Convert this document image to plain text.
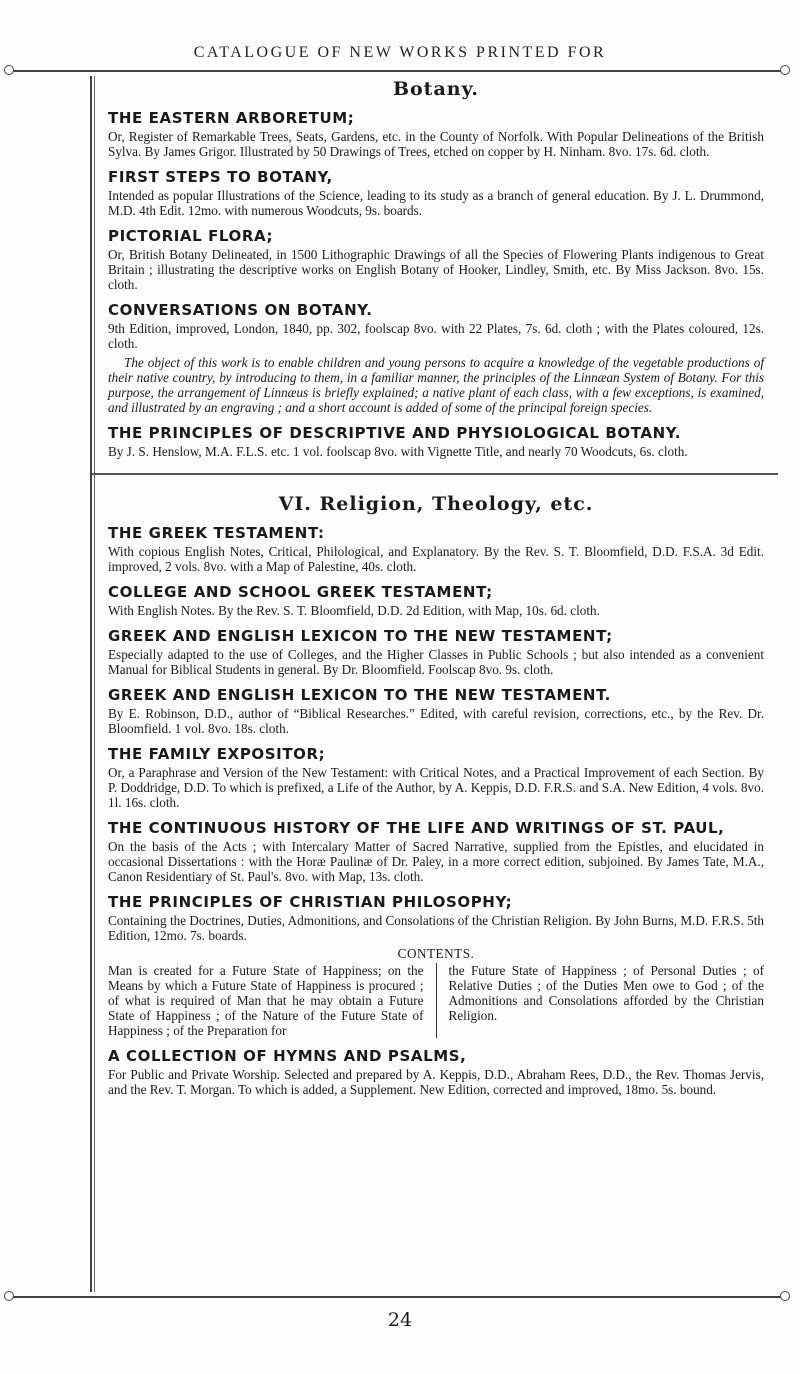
CATALOGUE OF NEW WORKS PRINTED FOR
Botany.
THE EASTERN ARBORETUM;

Or, Register of Remarkable Trees, Seats, Gardens, etc. in the County of Norfolk. With Popular Delineations of the British Sylva. By James Grigor. Illustrated by 50 Drawings of Trees, etched on copper by H. Ninham. 8vo. 17s. 6d. cloth.

FIRST STEPS TO BOTANY,

Intended as popular Illustrations of the Science, leading to its study as a branch of general education. By J. L. Drummond, M.D. 4th Edit. 12mo. with numerous Woodcuts, 9s. boards.

PICTORIAL FLORA;

Or, British Botany Delineated, in 1500 Lithographic Drawings of all the Species of Flowering Plants indigenous to Great Britain ; illustrating the descriptive works on English Botany of Hooker, Lindley, Smith, etc. By Miss Jackson. 8vo. 15s. cloth.

CONVERSATIONS ON BOTANY.

9th Edition, improved, London, 1840, pp. 302, foolscap 8vo. with 22 Plates, 7s. 6d. cloth ; with the Plates coloured, 12s. cloth.

The object of this work is to enable children and young persons to acquire a knowledge of the vegetable productions of their native country, by introducing to them, in a familiar manner, the principles of the Linnæan System of Botany. For this purpose, the arrangement of Linnæus is briefly explained; a native plant of each class, with a few exceptions, is examined, and illustrated by an engraving ; and a short account is added of some of the principal foreign species.

THE PRINCIPLES OF DESCRIPTIVE AND PHYSIOLOGICAL BOTANY.

By J. S. Henslow, M.A. F.L.S. etc. 1 vol. foolscap 8vo. with Vignette Title, and nearly 70 Woodcuts, 6s. cloth.

VI. Religion, Theology, etc.
THE GREEK TESTAMENT:

With copious English Notes, Critical, Philological, and Explanatory. By the Rev. S. T. Bloomfield, D.D. F.S.A. 3d Edit. improved, 2 vols. 8vo. with a Map of Palestine, 40s. cloth.

COLLEGE AND SCHOOL GREEK TESTAMENT;

With English Notes. By the Rev. S. T. Bloomfield, D.D. 2d Edition, with Map, 10s. 6d. cloth.

GREEK AND ENGLISH LEXICON TO THE NEW TESTAMENT;

Especially adapted to the use of Colleges, and the Higher Classes in Public Schools ; but also intended as a convenient Manual for Biblical Students in general. By Dr. Bloomfield. Foolscap 8vo. 9s. cloth.

GREEK AND ENGLISH LEXICON TO THE NEW TESTAMENT.

By E. Robinson, D.D., author of “Biblical Researches.” Edited, with careful revision, corrections, etc., by the Rev. Dr. Bloomfield. 1 vol. 8vo. 18s. cloth.

THE FAMILY EXPOSITOR;

Or, a Paraphrase and Version of the New Testament: with Critical Notes, and a Practical Improvement of each Section. By P. Doddridge, D.D. To which is prefixed, a Life of the Author, by A. Keppis, D.D. F.R.S. and S.A. New Edition, 4 vols. 8vo. 1l. 16s. cloth.

THE CONTINUOUS HISTORY OF THE LIFE AND WRITINGS OF ST. PAUL,

On the basis of the Acts ; with Intercalary Matter of Sacred Narrative, supplied from the Epistles, and elucidated in occasional Dissertations : with the Horæ Paulinæ of Dr. Paley, in a more correct edition, subjoined. By James Tate, M.A., Canon Residentiary of St. Paul's. 8vo. with Map, 13s. cloth.

THE PRINCIPLES OF CHRISTIAN PHILOSOPHY;

Containing the Doctrines, Duties, Admonitions, and Consolations of the Christian Religion. By John Burns, M.D. F.R.S. 5th Edition, 12mo. 7s. boards.

CONTENTS.
Man is created for a Future State of Happiness; on the Means by which a Future State of Happiness is procured ; of what is required of Man that he may obtain a Future State of Happiness ; of the Nature of the Future State of Happiness ; of the Preparation for
the Future State of Happiness ; of Personal Duties ; of Relative Duties ; of the Duties Men owe to God ; of the Admonitions and Consolations afforded by the Christian Religion.
A COLLECTION OF HYMNS AND PSALMS,

For Public and Private Worship. Selected and prepared by A. Keppis, D.D., Abraham Rees, D.D., the Rev. Thomas Jervis, and the Rev. T. Morgan. To which is added, a Supplement. New Edition, corrected and improved, 18mo. 5s. bound.

24
